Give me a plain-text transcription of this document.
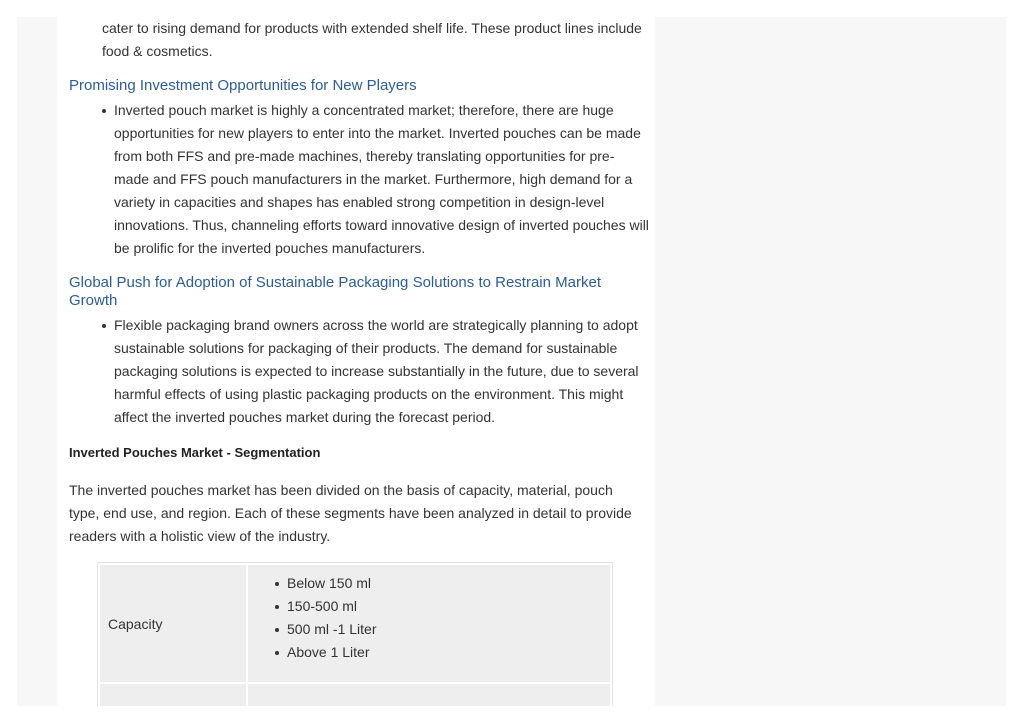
cater to rising demand for products with extended shelf life. These product lines include food & cosmetics.
Promising Investment Opportunities for New Players
Inverted pouch market is highly a concentrated market; therefore, there are huge opportunities for new players to enter into the market. Inverted pouches can be made from both FFS and pre-made machines, thereby translating opportunities for pre-made and FFS pouch manufacturers in the market. Furthermore, high demand for a variety in capacities and shapes has enabled strong competition in design-level innovations. Thus, channeling efforts toward innovative design of inverted pouches will be prolific for the inverted pouches manufacturers.
Global Push for Adoption of Sustainable Packaging Solutions to Restrain Market Growth
Flexible packaging brand owners across the world are strategically planning to adopt sustainable solutions for packaging of their products. The demand for sustainable packaging solutions is expected to increase substantially in the future, due to several harmful effects of using plastic packaging products on the environment. This might affect the inverted pouches market during the forecast period.
Inverted Pouches Market - Segmentation

The inverted pouches market has been divided on the basis of capacity, material, pouch type, end use, and region. Each of these segments have been analyzed in detail to provide readers with a holistic view of the industry.

Capacity
Below 150 ml
150-500 ml
500 ml -1 Liter
Above 1 Liter
